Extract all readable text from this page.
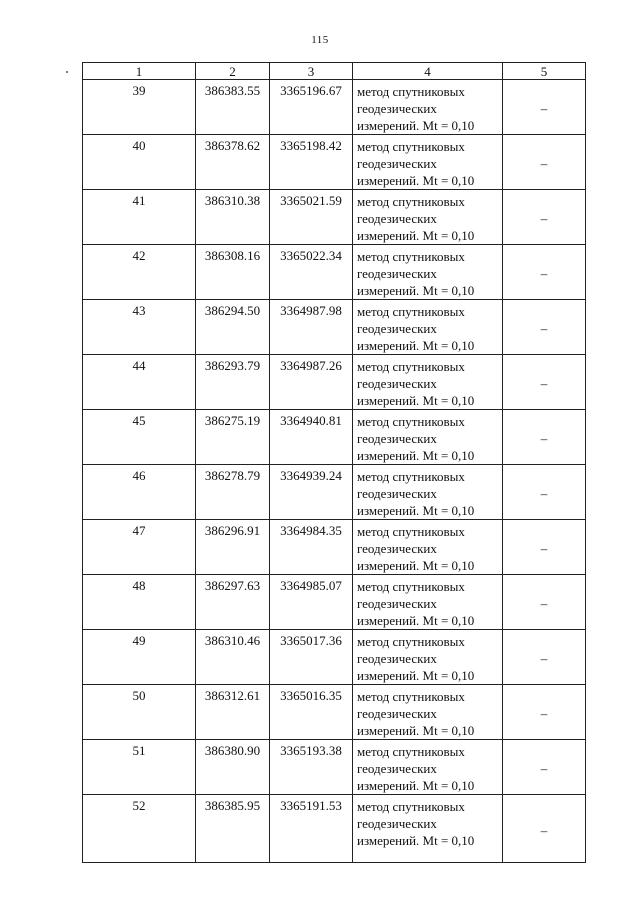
115
1	2	3	4	5
39	386383.55	3365196.67	метод спутниковых
геодезических
измерений. Mt = 0,10	–
40	386378.62	3365198.42	метод спутниковых
геодезических
измерений. Mt = 0,10	–
41	386310.38	3365021.59	метод спутниковых
геодезических
измерений. Mt = 0,10	–
42	386308.16	3365022.34	метод спутниковых
геодезических
измерений. Mt = 0,10	–
43	386294.50	3364987.98	метод спутниковых
геодезических
измерений. Mt = 0,10	–
44	386293.79	3364987.26	метод спутниковых
геодезических
измерений. Mt = 0,10	–
45	386275.19	3364940.81	метод спутниковых
геодезических
измерений. Mt = 0,10	–
46	386278.79	3364939.24	метод спутниковых
геодезических
измерений. Mt = 0,10	–
47	386296.91	3364984.35	метод спутниковых
геодезических
измерений. Mt = 0,10	–
48	386297.63	3364985.07	метод спутниковых
геодезических
измерений. Mt = 0,10	–
49	386310.46	3365017.36	метод спутниковых
геодезических
измерений. Mt = 0,10	–
50	386312.61	3365016.35	метод спутниковых
геодезических
измерений. Mt = 0,10	–
51	386380.90	3365193.38	метод спутниковых
геодезических
измерений. Mt = 0,10	–
52	386385.95	3365191.53	метод спутниковых
геодезических
измерений. Mt = 0,10	–
